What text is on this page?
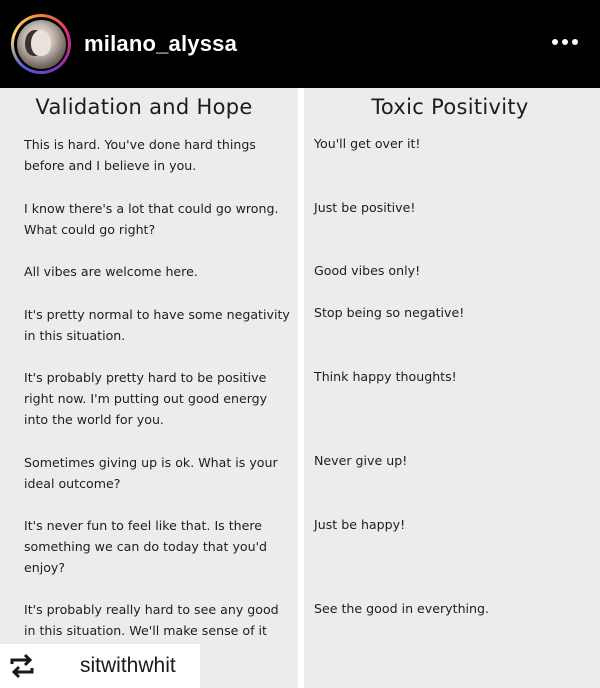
milano_alyssa
Validation and Hope
This is hard. You've done hard things before and I believe in you.
I know there's a lot that could go wrong. What could go right?
All vibes are welcome here.
It's pretty normal to have some negativity in this situation.
It's probably pretty hard to be positive right now. I'm putting out good energy into the world for you.
Sometimes giving up is ok. What is your ideal outcome?
It's never fun to feel like that. Is there something we can do today that you'd enjoy?
It's probably really hard to see any good in this situation. We'll make sense of it
Toxic Positivity
You'll get over it!
Just be positive!
Good vibes only!
Stop being so negative!
Think happy thoughts!
Never give up!
Just be happy!
See the good in everything.
sitwithwhit
